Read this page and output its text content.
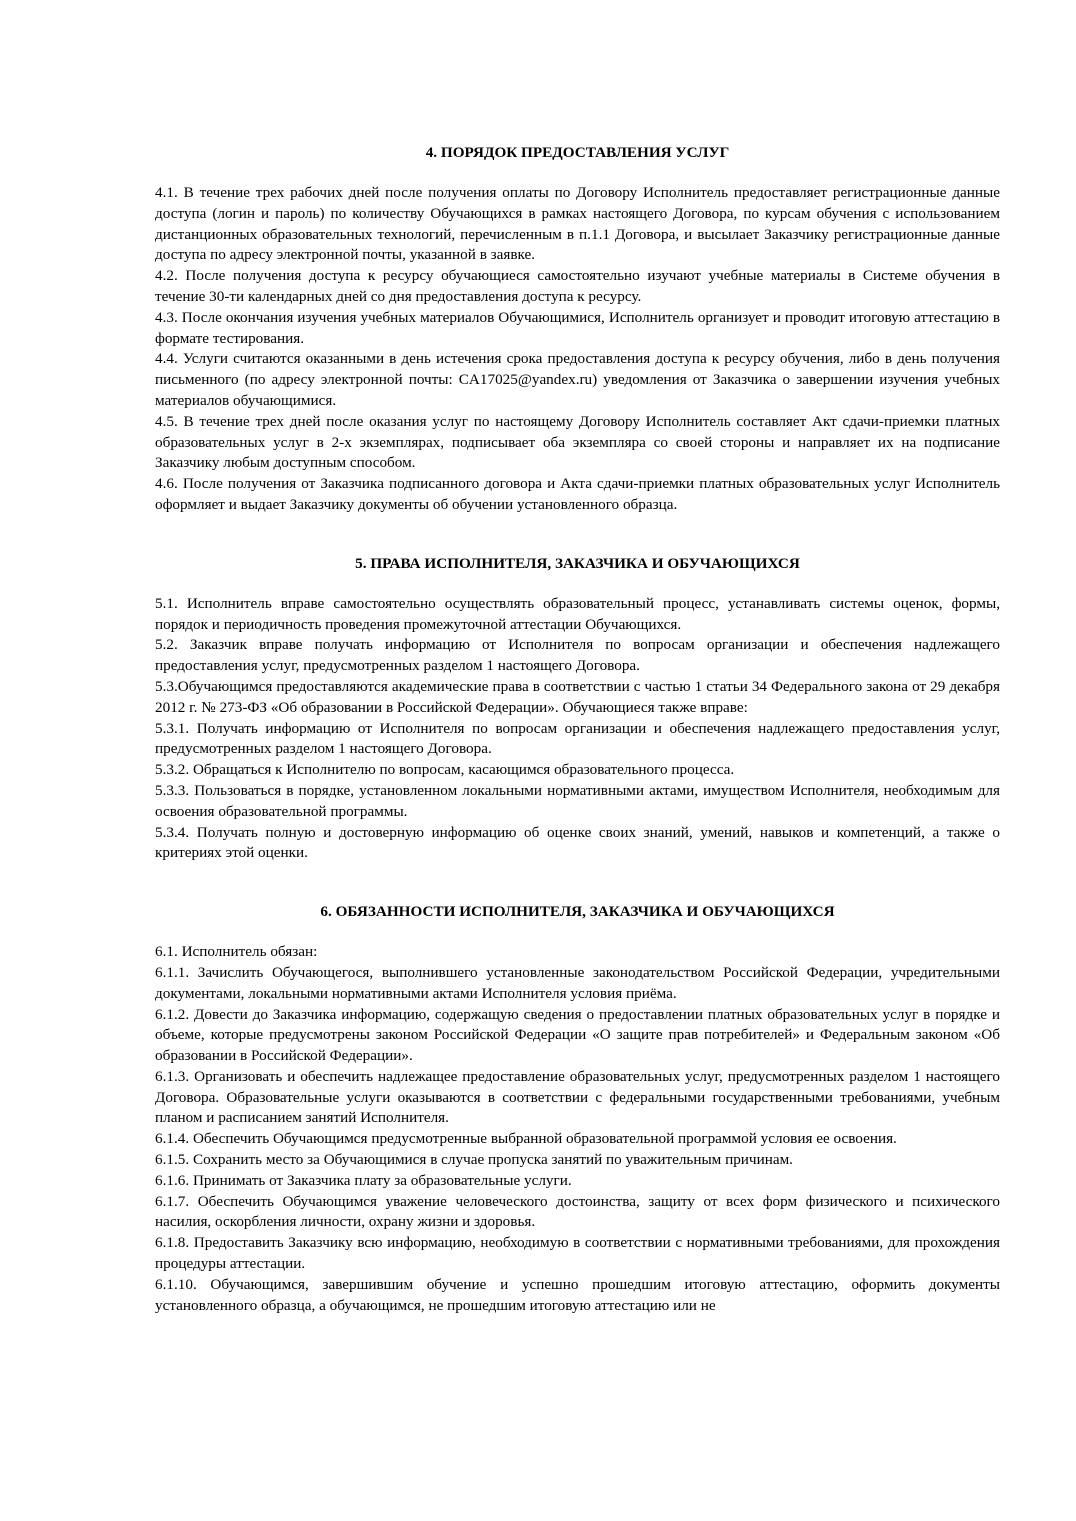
4. ПОРЯДОК ПРЕДОСТАВЛЕНИЯ УСЛУГ

4.1. В течение трех рабочих дней после получения оплаты по Договору Исполнитель предоставляет регистрационные данные доступа (логин и пароль) по количеству Обучающихся в рамках настоящего Договора, по курсам обучения с использованием дистанционных образовательных технологий, перечисленным в п.1.1 Договора, и высылает Заказчику регистрационные данные доступа по адресу электронной почты, указанной в заявке.

4.2. После получения доступа к ресурсу обучающиеся самостоятельно изучают учебные материалы в Системе обучения в течение 30-ти календарных дней со дня предоставления доступа к ресурсу.

4.3. После окончания изучения учебных материалов Обучающимися, Исполнитель организует и проводит итоговую аттестацию в формате тестирования.

4.4. Услуги считаются оказанными в день истечения срока предоставления доступа к ресурсу обучения, либо в день получения письменного (по адресу электронной почты: CA17025@yandex.ru) уведомления от Заказчика о завершении изучения учебных материалов обучающимися.

4.5. В течение трех дней после оказания услуг по настоящему Договору Исполнитель составляет Акт сдачи-приемки платных образовательных услуг в 2-х экземплярах, подписывает оба экземпляра со своей стороны и направляет их на подписание Заказчику любым доступным способом.

4.6. После получения от Заказчика подписанного договора и Акта сдачи-приемки платных образовательных услуг Исполнитель оформляет и выдает Заказчику документы об обучении установленного образца.

5. ПРАВА ИСПОЛНИТЕЛЯ, ЗАКАЗЧИКА И ОБУЧАЮЩИХСЯ

5.1. Исполнитель вправе самостоятельно осуществлять образовательный процесс, устанавливать системы оценок, формы, порядок и периодичность проведения промежуточной аттестации Обучающихся.

5.2. Заказчик вправе получать информацию от Исполнителя по вопросам организации и обеспечения надлежащего предоставления услуг, предусмотренных разделом 1 настоящего Договора.

5.3.Обучающимся предоставляются академические права в соответствии с частью 1 статьи 34 Федерального закона от 29 декабря 2012 г. № 273-ФЗ «Об образовании в Российской Федерации». Обучающиеся также вправе:

5.3.1. Получать информацию от Исполнителя по вопросам организации и обеспечения надлежащего предоставления услуг, предусмотренных разделом 1 настоящего Договора.

5.3.2. Обращаться к Исполнителю по вопросам, касающимся образовательного процесса.

5.3.3. Пользоваться в порядке, установленном локальными нормативными актами, имуществом Исполнителя, необходимым для освоения образовательной программы.

5.3.4. Получать полную и достоверную информацию об оценке своих знаний, умений, навыков и компетенций, а также о критериях этой оценки.

6. ОБЯЗАННОСТИ ИСПОЛНИТЕЛЯ, ЗАКАЗЧИКА И ОБУЧАЮЩИХСЯ

6.1. Исполнитель обязан:

6.1.1. Зачислить Обучающегося, выполнившего установленные законодательством Российской Федерации, учредительными документами, локальными нормативными актами Исполнителя условия приёма.

6.1.2. Довести до Заказчика информацию, содержащую сведения о предоставлении платных образовательных услуг в порядке и объеме, которые предусмотрены законом Российской Федерации «О защите прав потребителей» и Федеральным законом «Об образовании в Российской Федерации».

6.1.3. Организовать и обеспечить надлежащее предоставление образовательных услуг, предусмотренных разделом 1 настоящего Договора. Образовательные услуги оказываются в соответствии с федеральными государственными требованиями, учебным планом и расписанием занятий Исполнителя.

6.1.4. Обеспечить Обучающимся предусмотренные выбранной образовательной программой условия ее освоения.

6.1.5. Сохранить место за Обучающимися в случае пропуска занятий по уважительным причинам.

6.1.6. Принимать от Заказчика плату за образовательные услуги.

6.1.7. Обеспечить Обучающимся уважение человеческого достоинства, защиту от всех форм физического и психического насилия, оскорбления личности, охрану жизни и здоровья.

6.1.8. Предоставить Заказчику всю информацию, необходимую в соответствии с нормативными требованиями, для прохождения процедуры аттестации.

6.1.10. Обучающимся, завершившим обучение и успешно прошедшим итоговую аттестацию, оформить документы установленного образца, а обучающимся, не прошедшим итоговую аттестацию или не
